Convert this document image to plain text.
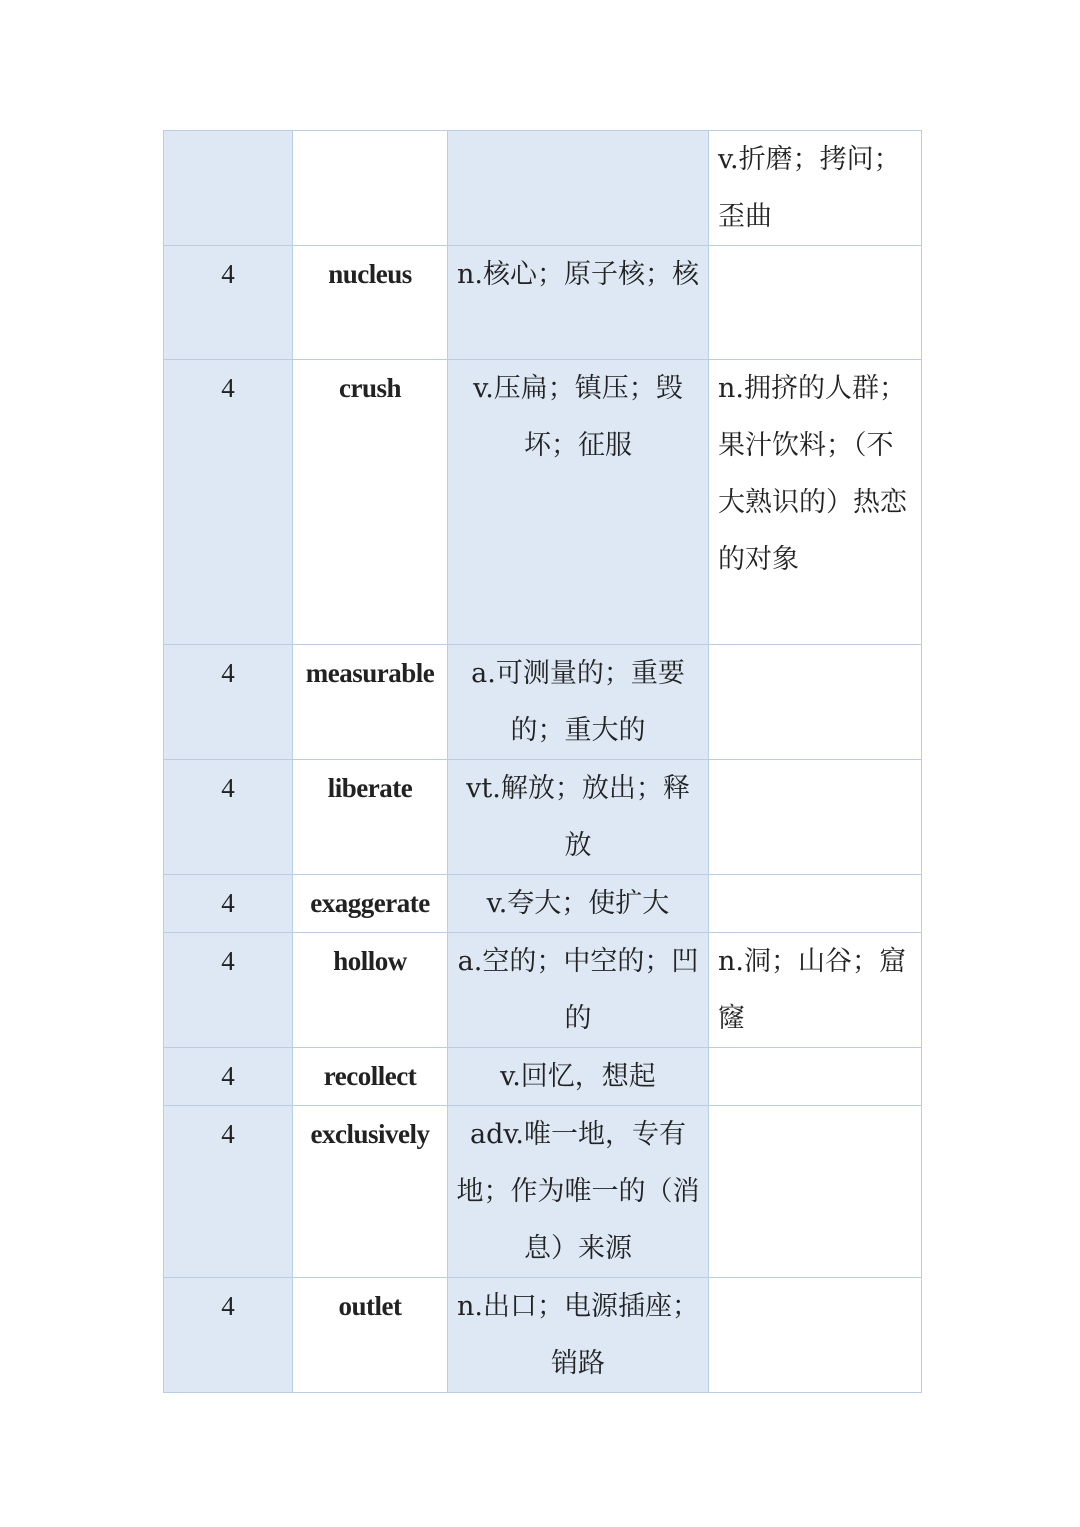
			v.折磨；拷问；歪曲
4	nucleus	n.核心；原子核；核	
4	crush	v.压扁；镇压；毁坏；征服	n.拥挤的人群；果汁饮料；（不大熟识的）热恋的对象
4	measurable	a.可测量的；重要的；重大的	
4	liberate	vt.解放；放出；释放	
4	exaggerate	v.夸大；使扩大	
4	hollow	a.空的；中空的；凹的	n.洞；山谷；窟窿
4	recollect	v.回忆，想起	
4	exclusively	adv.唯一地，专有地；作为唯一的（消息）来源	
4	outlet	n.出口；电源插座；销路	
